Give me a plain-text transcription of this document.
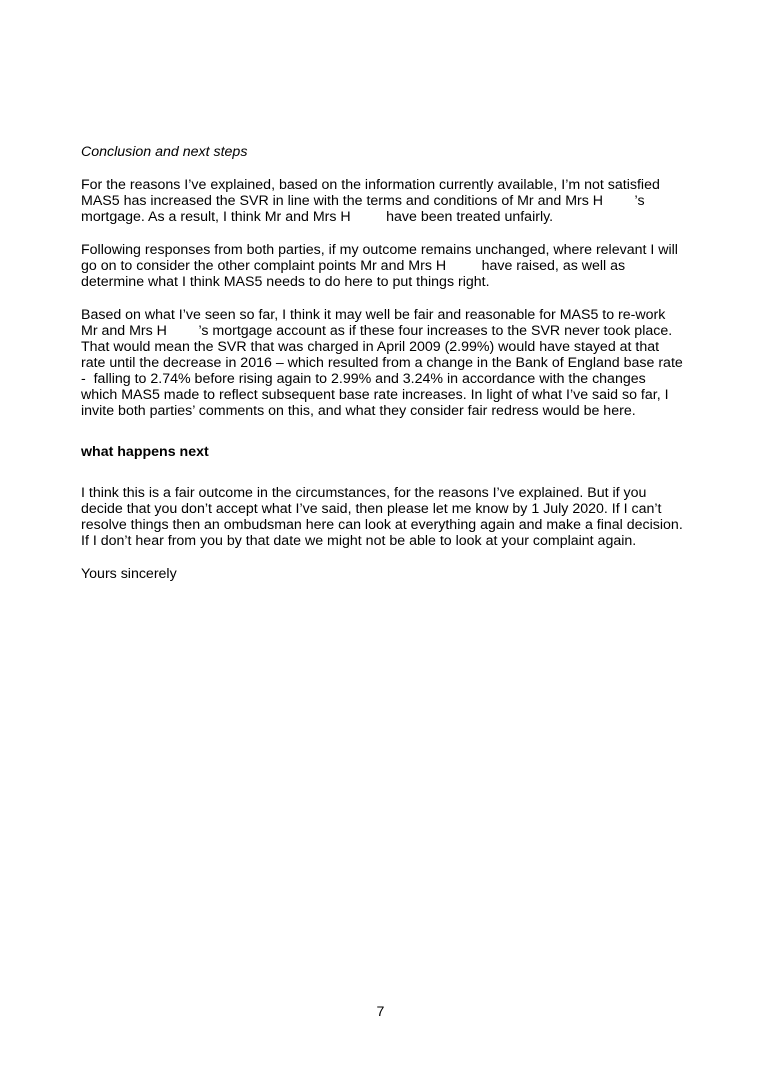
Conclusion and next steps
For the reasons I’ve explained, based on the information currently available, I’m not satisfied
MAS5 has increased the SVR in line with the terms and conditions of Mr and Mrs H        ’s
mortgage. As a result, I think Mr and Mrs H         have been treated unfairly.
Following responses from both parties, if my outcome remains unchanged, where relevant I will
go on to consider the other complaint points Mr and Mrs H         have raised, as well as
determine what I think MAS5 needs to do here to put things right.
Based on what I’ve seen so far, I think it may well be fair and reasonable for MAS5 to re-work
Mr and Mrs H        ’s mortgage account as if these four increases to the SVR never took place.
That would mean the SVR that was charged in April 2009 (2.99%) would have stayed at that
rate until the decrease in 2016 – which resulted from a change in the Bank of England base rate
-  falling to 2.74% before rising again to 2.99% and 3.24% in accordance with the changes
which MAS5 made to reflect subsequent base rate increases. In light of what I’ve said so far, I
invite both parties’ comments on this, and what they consider fair redress would be here.
what happens next
I think this is a fair outcome in the circumstances, for the reasons I’ve explained. But if you
decide that you don’t accept what I’ve said, then please let me know by 1 July 2020. If I can’t
resolve things then an ombudsman here can look at everything again and make a final decision.
If I don’t hear from you by that date we might not be able to look at your complaint again.
Yours sincerely
7
